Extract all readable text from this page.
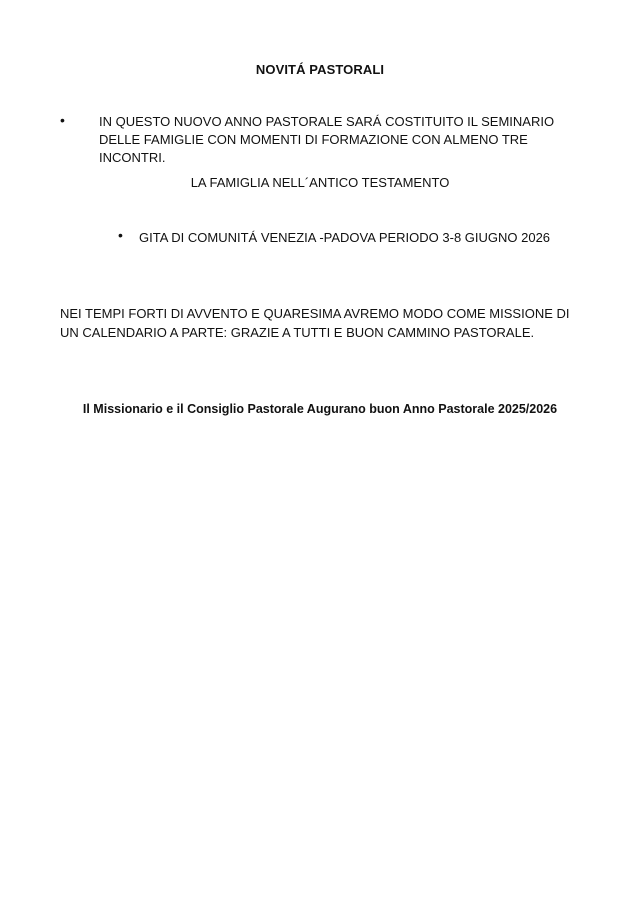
NOVITÁ PASTORALI
•	IN QUESTO NUOVO ANNO PASTORALE SARÁ COSTITUITO IL SEMINARIO DELLE FAMIGLIE CON MOMENTI DI FORMAZIONE CON ALMENO TRE INCONTRI.
LA FAMIGLIA NELL´ANTICO TESTAMENTO
• GITA DI COMUNITÁ VENEZIA -PADOVA PERIODO 3-8 GIUGNO 2026
NEI TEMPI FORTI DI AVVENTO E QUARESIMA AVREMO MODO COME MISSIONE DI UN CALENDARIO A PARTE: GRAZIE A TUTTI E BUON CAMMINO PASTORALE.
Il Missionario e il Consiglio Pastorale Augurano buon Anno Pastorale 2025/2026
